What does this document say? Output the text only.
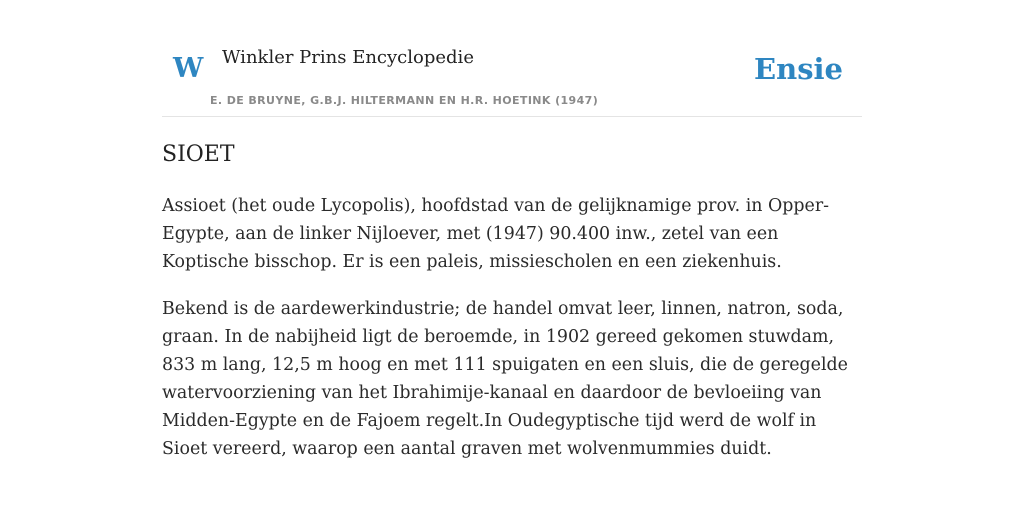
W Winkler Prins Encyclopedie
E. DE BRUYNE, G.B.J. HILTERMANN EN H.R. HOETINK (1947)
Ensie
SIOET

Assioet (het oude Lycopolis), hoofdstad van de gelijknamige prov. in Opper-Egypte, aan de linker Nijloever, met (1947) 90.400 inw., zetel van een Koptische bisschop. Er is een paleis, missiescholen en een ziekenhuis.

Bekend is de aardewerkindustrie; de handel omvat leer, linnen, natron, soda, graan. In de nabijheid ligt de beroemde, in 1902 gereed gekomen stuwdam, 833 m lang, 12,5 m hoog en met 111 spuigaten en een sluis, die de geregelde watervoorziening van het Ibrahimije-kanaal en daardoor de bevloeiing van Midden-Egypte en de Fajoem regelt.In Oudegyptische tijd werd de wolf in Sioet vereerd, waarop een aantal graven met wolvenmummies duidt.
